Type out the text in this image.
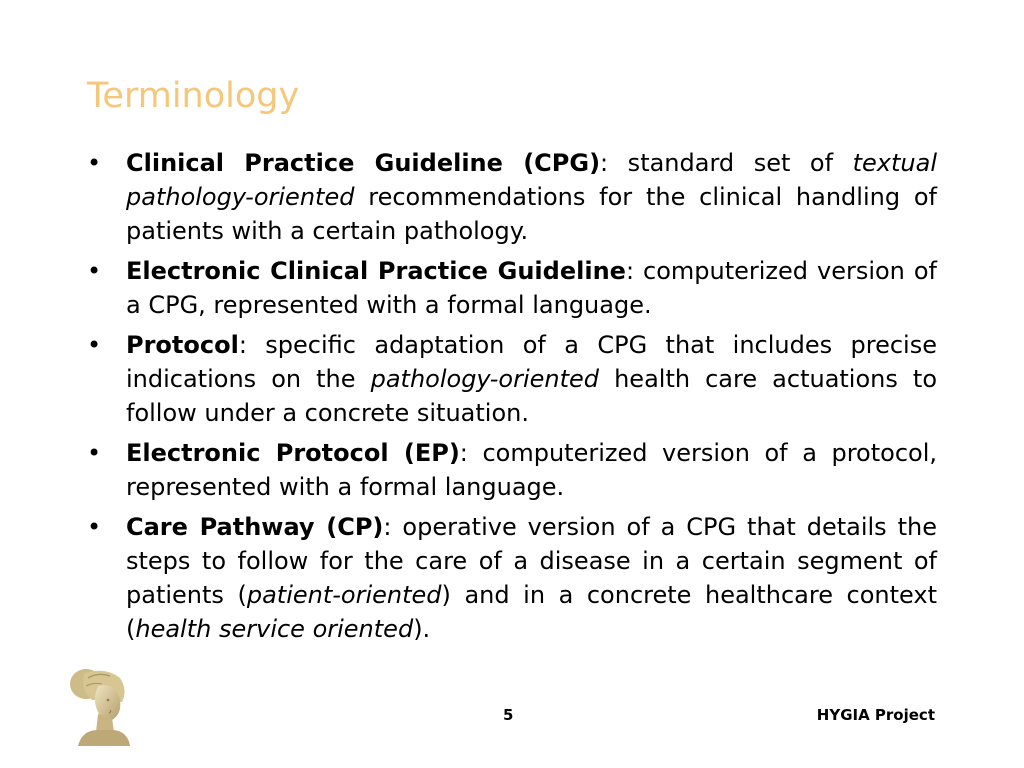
Terminology
• Clinical Practice Guideline (CPG): standard set of textual pathology-oriented recommendations for the clinical handling of patients with a certain pathology.
• Electronic Clinical Practice Guideline: computerized version of a CPG, represented with a formal language.
• Protocol: specific adaptation of a CPG that includes precise indications on the pathology-oriented health care actuations to follow under a concrete situation.
• Electronic Protocol (EP): computerized version of a protocol, represented with a formal language.
• Care Pathway (CP): operative version of a CPG that details the steps to follow for the care of a disease in a certain segment of patients (patient-oriented) and in a concrete healthcare context (health service oriented).
5	HYGIA Project
